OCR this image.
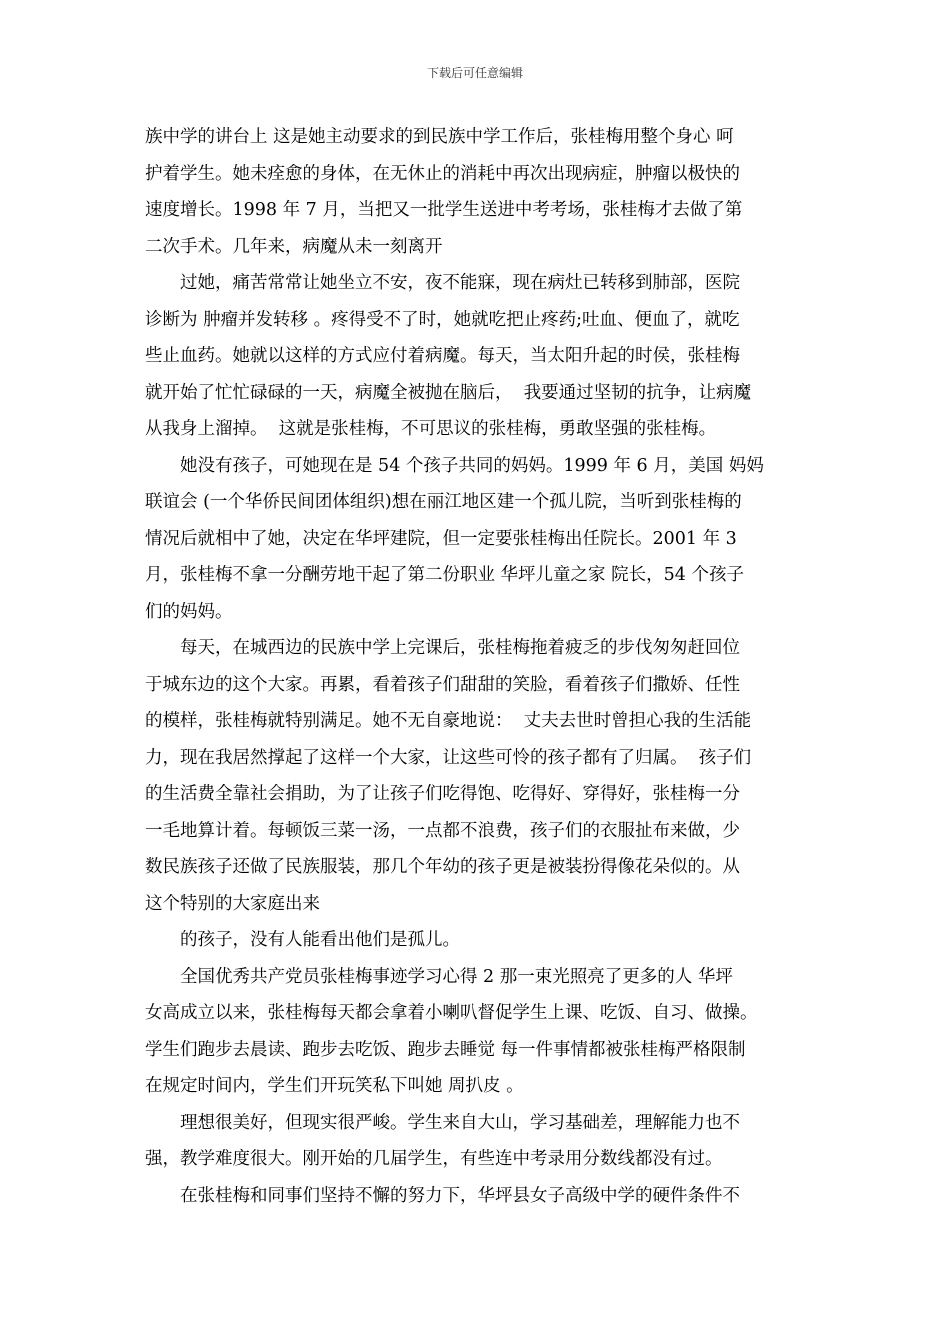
下载后可任意编辑
族中学的讲台上 这是她主动要求的到民族中学工作后，张桂梅用整个身心 呵
护着学生。她未痊愈的身体，在无休止的消耗中再次出现病症，肿瘤以极快的
速度增长。1998 年 7 月，当把又一批学生送进中考考场，张桂梅才去做了第
二次手术。几年来，病魔从未一刻离开
过她，痛苦常常让她坐立不安，夜不能寐，现在病灶已转移到肺部，医院
诊断为 肿瘤并发转移 。疼得受不了时，她就吃把止疼药;吐血、便血了，就吃
些止血药。她就以这样的方式应付着病魔。每天，当太阳升起的时侯，张桂梅
就开始了忙忙碌碌的一天，病魔全被抛在脑后，  我要通过坚韧的抗争，让病魔
从我身上溜掉。  这就是张桂梅，不可思议的张桂梅，勇敢坚强的张桂梅。
她没有孩子，可她现在是 54 个孩子共同的妈妈。1999 年 6 月，美国 妈妈
联谊会 (一个华侨民间团体组织)想在丽江地区建一个孤儿院，当听到张桂梅的
情况后就相中了她，决定在华坪建院，但一定要张桂梅出任院长。2001 年 3
月，张桂梅不拿一分酬劳地干起了第二份职业 华坪儿童之家 院长，54 个孩子
们的妈妈。
每天，在城西边的民族中学上完课后，张桂梅拖着疲乏的步伐匆匆赶回位
于城东边的这个大家。再累，看着孩子们甜甜的笑脸，看着孩子们撒娇、任性
的模样，张桂梅就特别满足。她不无自豪地说：  丈夫去世时曾担心我的生活能
力，现在我居然撑起了这样一个大家，让这些可怜的孩子都有了归属。  孩子们
的生活费全靠社会捐助，为了让孩子们吃得饱、吃得好、穿得好，张桂梅一分
一毛地算计着。每顿饭三菜一汤，一点都不浪费，孩子们的衣服扯布来做，少
数民族孩子还做了民族服装，那几个年幼的孩子更是被装扮得像花朵似的。从
这个特别的大家庭出来
的孩子，没有人能看出他们是孤儿。
全国优秀共产党员张桂梅事迹学习心得 2 那一束光照亮了更多的人 华坪
女高成立以来，张桂梅每天都会拿着小喇叭督促学生上课、吃饭、自习、做操。
学生们跑步去晨读、跑步去吃饭、跑步去睡觉 每一件事情都被张桂梅严格限制
在规定时间内，学生们开玩笑私下叫她 周扒皮 。
理想很美好，但现实很严峻。学生来自大山，学习基础差，理解能力也不
强，教学难度很大。刚开始的几届学生，有些连中考录用分数线都没有过。
在张桂梅和同事们坚持不懈的努力下，华坪县女子高级中学的硬件条件不
